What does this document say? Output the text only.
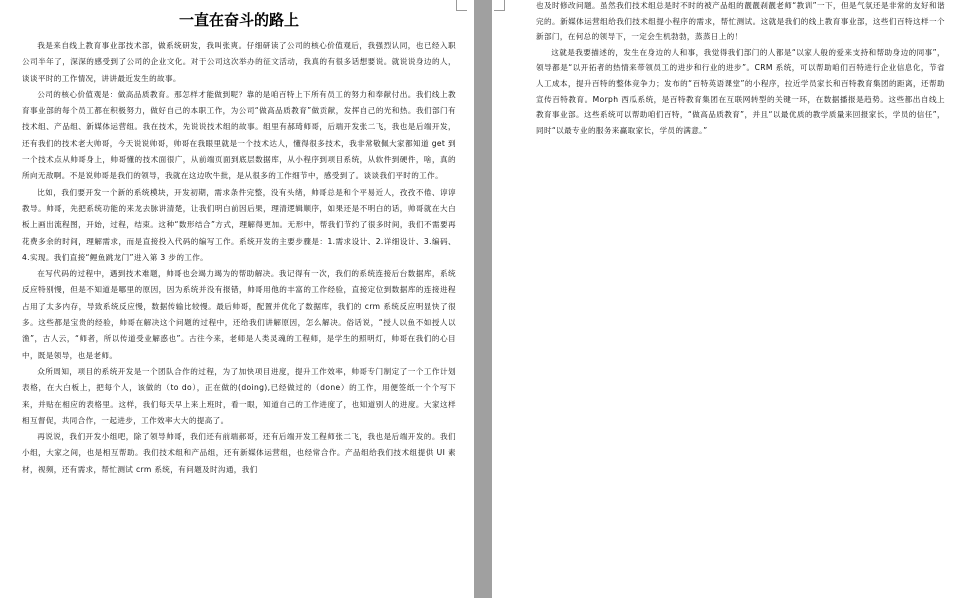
一直在奋斗的路上

我是来自线上教育事业部技术部，做系统研发，我叫张爽。仔细研读了公司的核心价值观后，我强烈认同，也已经入职公司半年了，深深的感受到了公司的企业文化。对于公司这次举办的征文活动，我真的有很多话想要说。就说说身边的人，谈谈平时的工作情况，讲讲最近发生的故事。

公司的核心价值观是：做高品质教育。那怎样才能做到呢？靠的是咱百特上下所有员工的努力和奉献付出。我们线上教育事业部的每个员工都在积极努力，做好自己的本职工作，为公司“做高品质教育”做贡献，发挥自己的光和热。我们部门有技术组、产品组、新媒体运营组。我在技术，先说说技术组的故事。组里有郝琦师哥，后端开发张二飞，我也是后端开发，还有我们的技术老大帅哥，今天说说帅哥，帅哥在我眼里就是一个技术达人，懂得很多技术，我非常敬佩大家都知道 get 到一个技术点从帅哥身上，帅哥懂的技术面很广，从前端页面到底层数据库，从小程序到项目系统，从软件到硬件，啥，真的所向无敌啊。不是说帅哥是我们的领导，我就在这边吹牛批，是从很多的工作细节中，感受到了。谈谈我们平时的工作。

比如，我们要开发一个新的系统模块，开发初期，需求条件完整，没有头绪，帅哥总是和个平易近人，孜孜不倦、谆谆教导。帅哥，先把系统功能的来龙去脉讲清楚，让我们明白前因后果，理清逻辑顺序，如果还是不明白的话，帅哥就在大白板上画出流程图，开始，过程，结束。这种“数形结合”方式，理解得更加。无形中，帮我们节约了很多时间，我们不需要再花费多余的时间，理解需求，而是直接投入代码的编写工作。系统开发的主要步骤是：1.需求设计、2.详细设计、3.编码、4.实现。我们直接“鲤鱼跳龙门”进入第 3 步的工作。

在写代码的过程中，遇到技术难题，帅哥也会竭力竭为的帮助解决。我记得有一次，我们的系统连接后台数据库，系统反应特别慢，但是不知道是哪里的原因，因为系统并没有报错，帅哥用他的丰富的工作经验，直接定位到数据库的连接进程占用了太多内存，导致系统反应慢，数据传输比较慢。最后帅哥，配置并优化了数据库，我们的 crm 系统反应明显快了很多。这些都是宝贵的经验，帅哥在解决这个问题的过程中，还给我们讲解原因，怎么解决。俗话说，“授人以鱼不如授人以渔”，古人云，“师者，所以传道受业解惑也”。古往今来，老师是人类灵魂的工程师，是学生的照明灯，帅哥在我们的心目中，既是领导，也是老师。

众所周知，项目的系统开发是一个团队合作的过程，为了加快项目进度，提升工作效率，帅哥专门制定了一个工作计划表格，在大白板上，把每个人，该做的（to do），正在做的(doing),已经做过的（done）的工作，用便签纸一个个写下来，并贴在相应的表格里。这样，我们每天早上来上班时，看一眼，知道自己的工作进度了，也知道别人的进度。大家这样相互督促，共同合作，一起进步，工作效率大大的提高了。

再说说，我们开发小组吧，除了领导帅哥，我们还有前端郝哥，还有后端开发工程师张二飞，我也是后端开发的。我们小组，大家之间，也是相互帮助。我们技术组和产品组，还有新媒体运营组，也经常合作。产品组给我们技术组提供 UI 素材，视频，还有需求，帮忙测试 crm 系统，有问题及时沟通，我们

也及时修改问题。虽然我们技术组总是时不时的被产品组的靓靓刹靓老师“教训”一下，但是气氛还是非常的友好和谐完的。新媒体运营组给我们技术组提小程序的需求，帮忙测试。这就是我们的线上教育事业部，这些们百特这样一个新部门，在何总的领导下，一定会生机勃勃，蒸蒸日上的！

这就是我要描述的，发生在身边的人和事，我觉得我们部门的人都是“以家人般的爱来支持和帮助身边的同事”，领导都是“以开拓者的热情来带领员工的进步和行业的进步”。CRM 系统，可以帮助咱们百特进行企业信息化，节省人工成本，提升百特的整体竞争力；发布的“百特英语课堂”的小程序，拉近学员家长和百特教育集团的距离，还帮助宣传百特教育。Morph 西瓜系统，是百特教育集团在互联网转型的关键一环，在数据播报是趋势。这些都出自线上教育事业部。这些系统可以帮助咱们百特，“做高品质教育”，并且“以最优质的教学质量来回报家长，学员的信任”，同时“以最专业的服务来赢取家长，学员的满意。”
